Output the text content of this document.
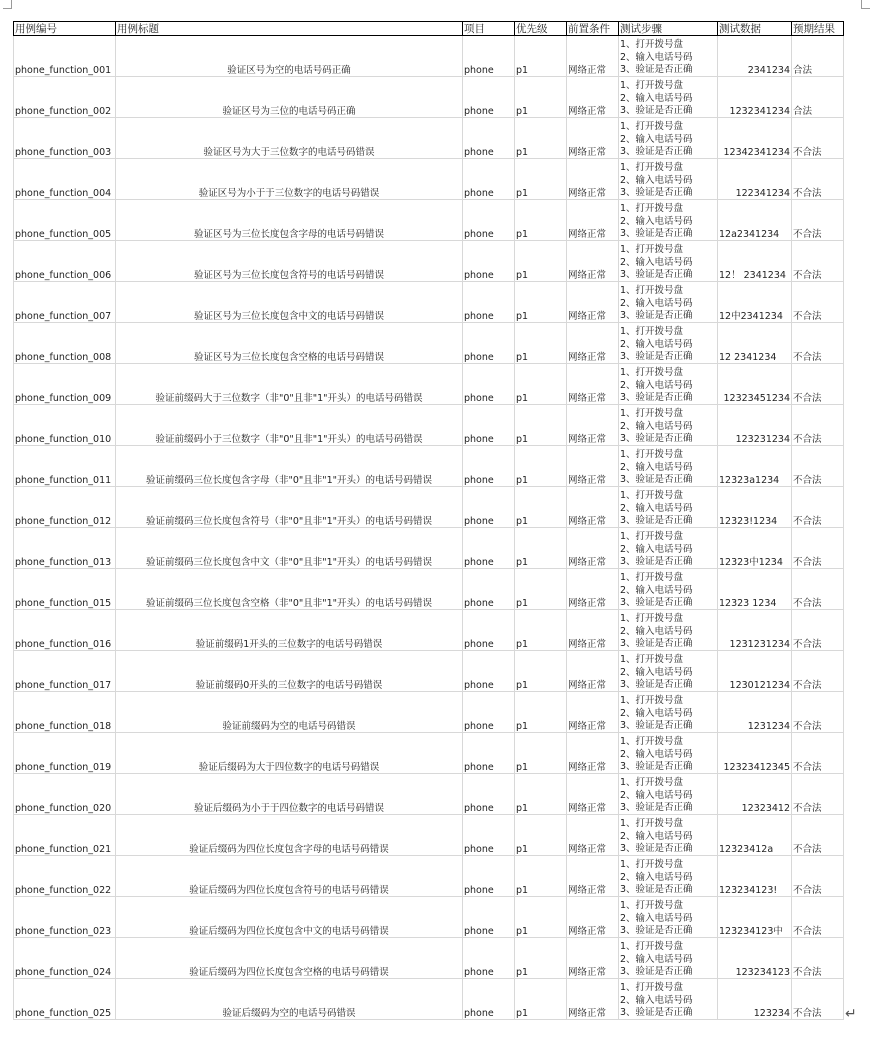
用例编号	用例标题	项目	优先级	前置条件	测试步骤	测试数据	预期结果
phone_function_001	验证区号为空的电话号码正确	phone	p1	网络正常	1、打开拨号盘
2、输入电话号码
3、验证是否正确	2341234	合法
phone_function_002	验证区号为三位的电话号码正确	phone	p1	网络正常	1、打开拨号盘
2、输入电话号码
3、验证是否正确	1232341234	合法
phone_function_003	验证区号为大于三位数字的电话号码错误	phone	p1	网络正常	1、打开拨号盘
2、输入电话号码
3、验证是否正确	12342341234	不合法
phone_function_004	验证区号为小于于三位数字的电话号码错误	phone	p1	网络正常	1、打开拨号盘
2、输入电话号码
3、验证是否正确	122341234	不合法
phone_function_005	验证区号为三位长度包含字母的电话号码错误	phone	p1	网络正常	1、打开拨号盘
2、输入电话号码
3、验证是否正确	12a2341234	不合法
phone_function_006	验证区号为三位长度包含符号的电话号码错误	phone	p1	网络正常	1、打开拨号盘
2、输入电话号码
3、验证是否正确	12！ 2341234	不合法
phone_function_007	验证区号为三位长度包含中文的电话号码错误	phone	p1	网络正常	1、打开拨号盘
2、输入电话号码
3、验证是否正确	12中2341234	不合法
phone_function_008	验证区号为三位长度包含空格的电话号码错误	phone	p1	网络正常	1、打开拨号盘
2、输入电话号码
3、验证是否正确	12 2341234	不合法
phone_function_009	验证前缀码大于三位数字（非"0"且非"1"开头）的电话号码错误	phone	p1	网络正常	1、打开拨号盘
2、输入电话号码
3、验证是否正确	12323451234	不合法
phone_function_010	验证前缀码小于三位数字（非"0"且非"1"开头）的电话号码错误	phone	p1	网络正常	1、打开拨号盘
2、输入电话号码
3、验证是否正确	123231234	不合法
phone_function_011	验证前缀码三位长度包含字母（非"0"且非"1"开头）的电话号码错误	phone	p1	网络正常	1、打开拨号盘
2、输入电话号码
3、验证是否正确	12323a1234	不合法
phone_function_012	验证前缀码三位长度包含符号（非"0"且非"1"开头）的电话号码错误	phone	p1	网络正常	1、打开拨号盘
2、输入电话号码
3、验证是否正确	12323!1234	不合法
phone_function_013	验证前缀码三位长度包含中文（非"0"且非"1"开头）的电话号码错误	phone	p1	网络正常	1、打开拨号盘
2、输入电话号码
3、验证是否正确	12323中1234	不合法
phone_function_015	验证前缀码三位长度包含空格（非"0"且非"1"开头）的电话号码错误	phone	p1	网络正常	1、打开拨号盘
2、输入电话号码
3、验证是否正确	12323 1234	不合法
phone_function_016	验证前缀码1开头的三位数字的电话号码错误	phone	p1	网络正常	1、打开拨号盘
2、输入电话号码
3、验证是否正确	1231231234	不合法
phone_function_017	验证前缀码0开头的三位数字的电话号码错误	phone	p1	网络正常	1、打开拨号盘
2、输入电话号码
3、验证是否正确	1230121234	不合法
phone_function_018	验证前缀码为空的电话号码错误	phone	p1	网络正常	1、打开拨号盘
2、输入电话号码
3、验证是否正确	1231234	不合法
phone_function_019	验证后缀码为大于四位数字的电话号码错误	phone	p1	网络正常	1、打开拨号盘
2、输入电话号码
3、验证是否正确	12323412345	不合法
phone_function_020	验证后缀码为小于于四位数字的电话号码错误	phone	p1	网络正常	1、打开拨号盘
2、输入电话号码
3、验证是否正确	12323412	不合法
phone_function_021	验证后缀码为四位长度包含字母的电话号码错误	phone	p1	网络正常	1、打开拨号盘
2、输入电话号码
3、验证是否正确	12323412a	不合法
phone_function_022	验证后缀码为四位长度包含符号的电话号码错误	phone	p1	网络正常	1、打开拨号盘
2、输入电话号码
3、验证是否正确	123234123!	不合法
phone_function_023	验证后缀码为四位长度包含中文的电话号码错误	phone	p1	网络正常	1、打开拨号盘
2、输入电话号码
3、验证是否正确	123234123中	不合法
phone_function_024	验证后缀码为四位长度包含空格的电话号码错误	phone	p1	网络正常	1、打开拨号盘
2、输入电话号码
3、验证是否正确	123234123	不合法
phone_function_025	验证后缀码为空的电话号码错误	phone	p1	网络正常	1、打开拨号盘
2、输入电话号码
3、验证是否正确	123234	不合法 ↵
